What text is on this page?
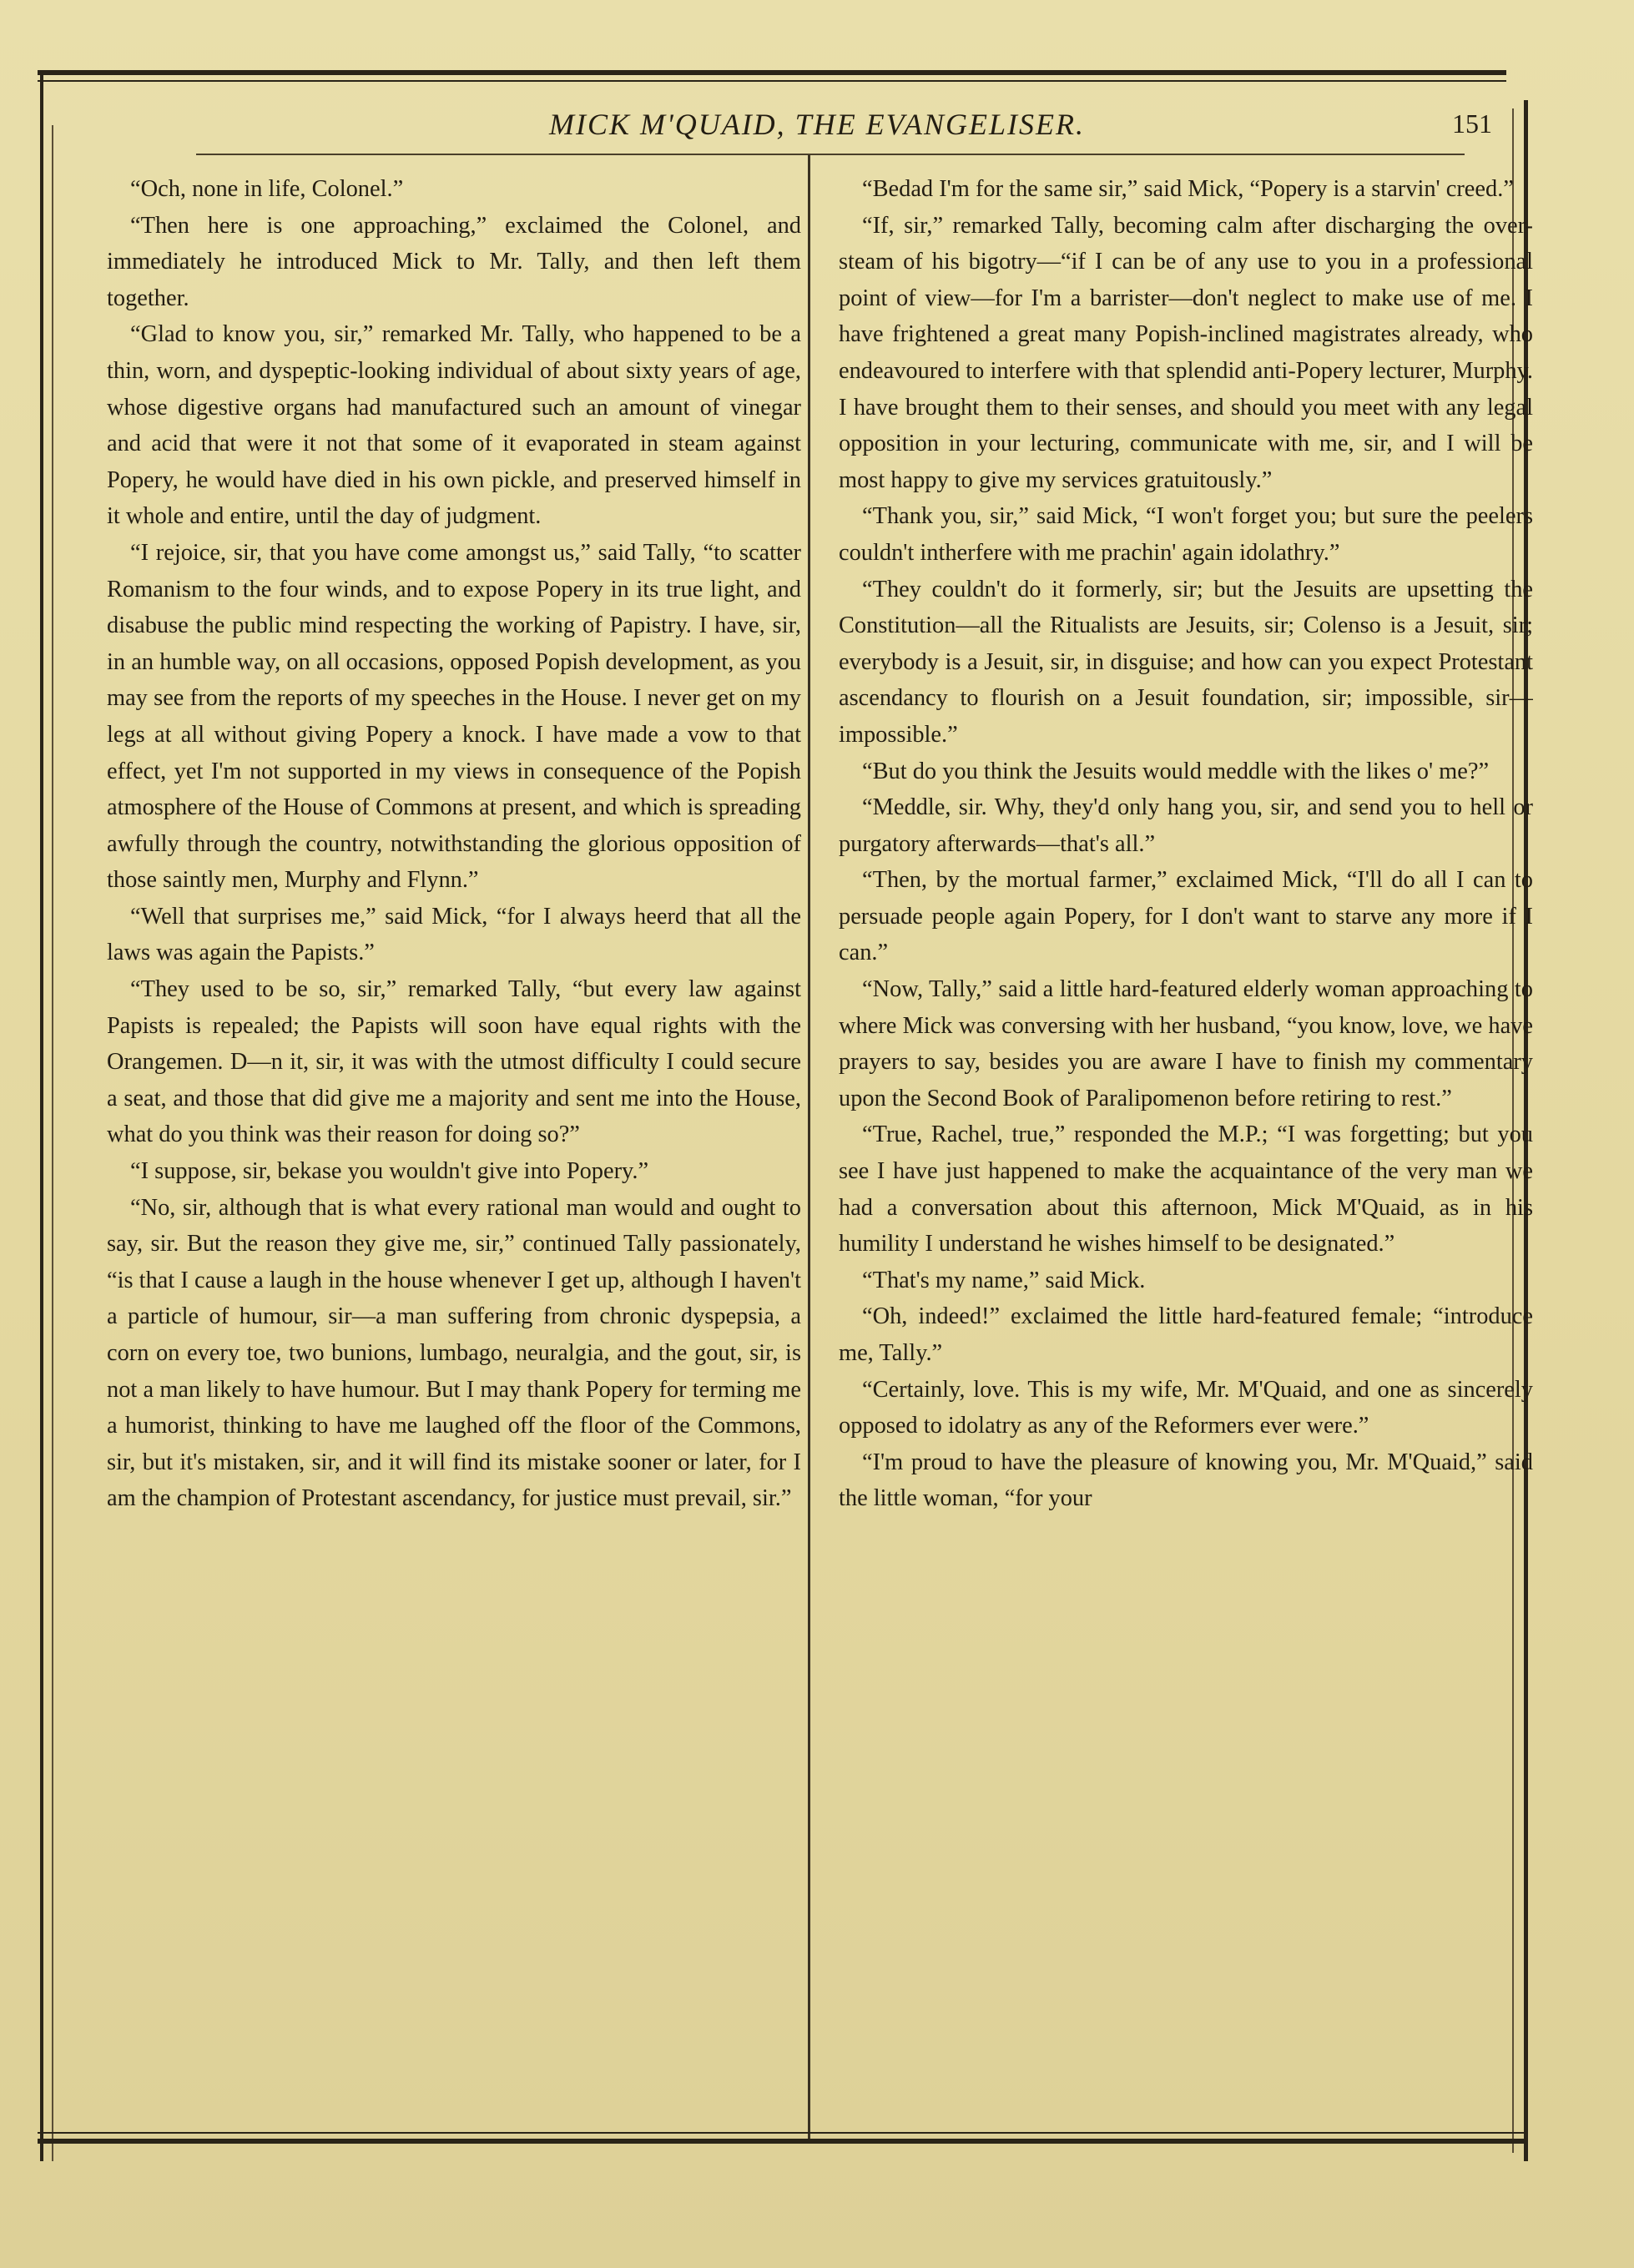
MICK M'QUAID, THE EVANGELISER.	151

“Och, none in life, Colonel.”

“Then here is one approaching,” exclaimed the Colonel, and immediately he introduced Mick to Mr. Tally, and then left them together.

“Glad to know you, sir,” remarked Mr. Tally, who happened to be a thin, worn, and dyspeptic-looking individual of about sixty years of age, whose digestive organs had manufactured such an amount of vinegar and acid that were it not that some of it evaporated in steam against Popery, he would have died in his own pickle, and preserved himself in it whole and entire, until the day of judgment.

“I rejoice, sir, that you have come amongst us,” said Tally, “to scatter Romanism to the four winds, and to expose Popery in its true light, and disabuse the public mind respecting the working of Papistry. I have, sir, in an humble way, on all occasions, opposed Popish development, as you may see from the reports of my speeches in the House. I never get on my legs at all without giving Popery a knock. I have made a vow to that effect, yet I'm not supported in my views in consequence of the Popish atmosphere of the House of Commons at present, and which is spreading awfully through the country, notwithstanding the glorious opposition of those saintly men, Murphy and Flynn.”

“Well that surprises me,” said Mick, “for I always heerd that all the laws was again the Papists.”

“They used to be so, sir,” remarked Tally, “but every law against Papists is repealed; the Papists will soon have equal rights with the Orangemen. D—n it, sir, it was with the utmost difficulty I could secure a seat, and those that did give me a majority and sent me into the House, what do you think was their reason for doing so?”

“I suppose, sir, bekase you wouldn't give into Popery.”

“No, sir, although that is what every rational man would and ought to say, sir. But the reason they give me, sir,” continued Tally passionately, “is that I cause a laugh in the house whenever I get up, although I haven't a particle of humour, sir—a man suffering from chronic dyspepsia, a corn on every toe, two bunions, lumbago, neuralgia, and the gout, sir, is not a man likely to have humour. But I may thank Popery for terming me a humorist, thinking to have me laughed off the floor of the Commons, sir, but it's mistaken, sir, and it will find its mistake sooner or later, for I am the champion of Protestant ascendancy, for justice must prevail, sir.”

“Bedad I'm for the same sir,” said Mick, “Popery is a starvin' creed.”

“If, sir,” remarked Tally, becoming calm after discharging the over-steam of his bigotry—“if I can be of any use to you in a professional point of view—for I'm a barrister—don't neglect to make use of me. I have frightened a great many Popish-inclined magistrates already, who endeavoured to interfere with that splendid anti-Popery lecturer, Murphy. I have brought them to their senses, and should you meet with any legal opposition in your lecturing, communicate with me, sir, and I will be most happy to give my services gratuitously.”

“Thank you, sir,” said Mick, “I won't forget you; but sure the peelers couldn't intherfere with me prachin' again idolathry.”

“They couldn't do it formerly, sir; but the Jesuits are upsetting the Constitution—all the Ritualists are Jesuits, sir; Colenso is a Jesuit, sir; everybody is a Jesuit, sir, in disguise; and how can you expect Protestant ascendancy to flourish on a Jesuit foundation, sir; impossible, sir—impossible.”

“But do you think the Jesuits would meddle with the likes o' me?”

“Meddle, sir. Why, they'd only hang you, sir, and send you to hell or purgatory afterwards—that's all.”

“Then, by the mortual farmer,” exclaimed Mick, “I'll do all I can to persuade people again Popery, for I don't want to starve any more if I can.”

“Now, Tally,” said a little hard-featured elderly woman approaching to where Mick was conversing with her husband, “you know, love, we have prayers to say, besides you are aware I have to finish my commentary upon the Second Book of Paralipomenon before retiring to rest.”

“True, Rachel, true,” responded the M.P.; “I was forgetting; but you see I have just happened to make the acquaintance of the very man we had a conversation about this afternoon, Mick M'Quaid, as in his humility I understand he wishes himself to be designated.”

“That's my name,” said Mick.

“Oh, indeed!” exclaimed the little hard-featured female; “introduce me, Tally.”

“Certainly, love. This is my wife, Mr. M'Quaid, and one as sincerely opposed to idolatry as any of the Reformers ever were.”

“I'm proud to have the pleasure of knowing you, Mr. M'Quaid,” said the little woman, “for your
